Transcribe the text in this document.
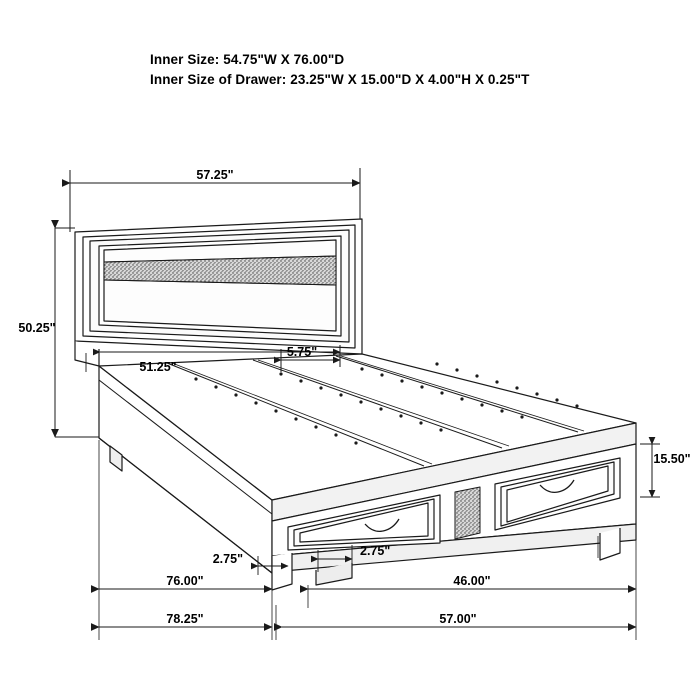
Inner Size: 54.75"W X 76.00"D
Inner Size of Drawer: 23.25"W X 15.00"D X 4.00"H X 0.25"T
57.25"
50.25"
51.25"
5.75"
15.50"
2.75"
2.75"
76.00"	46.00"
78.25"	57.00"
